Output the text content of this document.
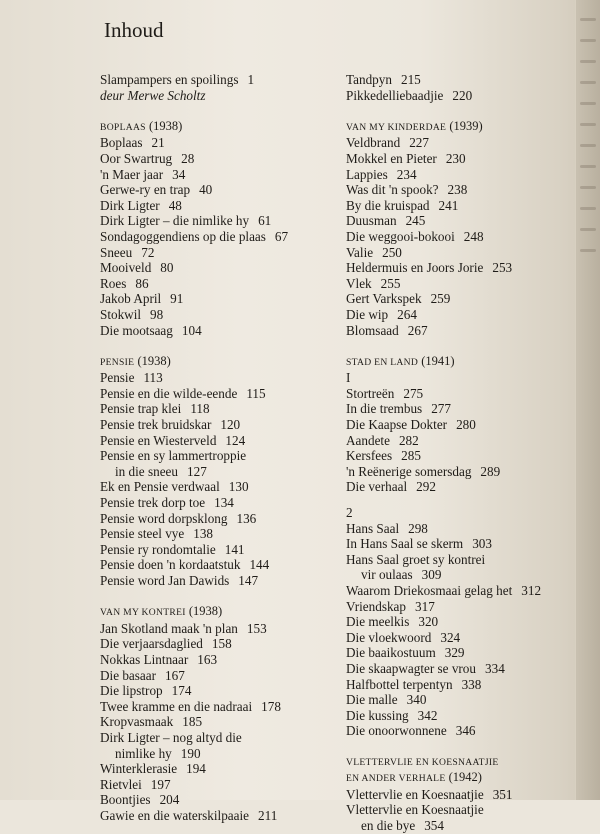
Inhoud
Slampampers en spoilings 1
deur Merwe Scholtz
BOPLAAS (1938)
Boplaas 21
Oor Swartrug 28
'n Maer jaar 34
Gerwe-ry en trap 40
Dirk Ligter 48
Dirk Ligter – die nimlike hy 61
Sondagoggendiens op die plaas 67
Sneeu 72
Mooiveld 80
Roes 86
Jakob April 91
Stokwil 98
Die mootsaag 104
PENSIE (1938)
Pensie 113
Pensie en die wilde-eende 115
Pensie trap klei 118
Pensie trek bruidskar 120
Pensie en Wiesterveld 124
Pensie en sy lammertroppie
in die sneeu 127
Ek en Pensie verdwaal 130
Pensie trek dorp toe 134
Pensie word dorpsklong 136
Pensie steel vye 138
Pensie ry rondomtalie 141
Pensie doen 'n kordaatstuk 144
Pensie word Jan Dawids 147
VAN MY KONTREI (1938)
Jan Skotland maak 'n plan 153
Die verjaarsdaglied 158
Nokkas Lintnaar 163
Die basaar 167
Die lipstrop 174
Twee kramme en die nadraai 178
Kropvasmaak 185
Dirk Ligter – nog altyd die
nimlike hy 190
Winterklerasie 194
Rietvlei 197
Boontjies 204
Gawie en die waterskilpaaie 211
Tandpyn 215
Pikkedelliebaadjie 220
VAN MY KINDERDAE (1939)
Veldbrand 227
Mokkel en Pieter 230
Lappies 234
Was dit 'n spook? 238
By die kruispad 241
Duusman 245
Die weggooi-bokooi 248
Valie 250
Heldermuis en Joors Jorie 253
Vlek 255
Gert Varkspek 259
Die wip 264
Blomsaad 267
STAD EN LAND (1941)
I
Stortreën 275
In die trembus 277
Die Kaapse Dokter 280
Aandete 282
Kersfees 285
'n Reënerige somersdag 289
Die verhaal 292
2
Hans Saal 298
In Hans Saal se skerm 303
Hans Saal groet sy kontrei
vir oulaas 309
Waarom Driekosmaai gelag het 312
Vriendskap 317
Die meelkis 320
Die vloekwoord 324
Die baaikostuum 329
Die skaapwagter se vrou 334
Halfbottel terpentyn 338
Die malle 340
Die kussing 342
Die onoorwonnene 346
VLETTERVLIE EN KOESNAATJIE
EN ANDER VERHALE (1942)
Vlettervlie en Koesnaatjie 351
Vlettervlie en Koesnaatjie
en die bye 354
